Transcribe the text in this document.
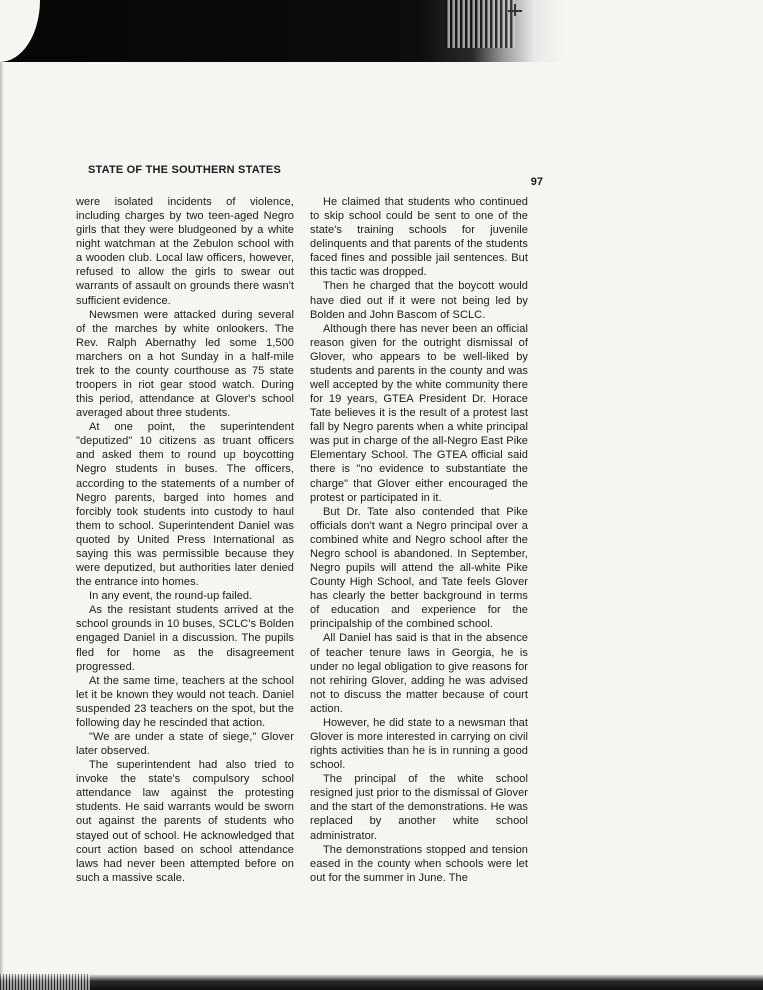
STATE OF THE SOUTHERN STATES
97

were isolated incidents of violence, including charges by two teen-aged Negro girls that they were bludgeoned by a white night watchman at the Zebulon school with a wooden club. Local law officers, however, refused to allow the girls to swear out warrants of assault on grounds there wasn't sufficient evidence.

Newsmen were attacked during several of the marches by white onlookers. The Rev. Ralph Abernathy led some 1,500 marchers on a hot Sunday in a half-mile trek to the county courthouse as 75 state troopers in riot gear stood watch. During this period, attendance at Glover's school averaged about three students.

At one point, the superintendent "deputized" 10 citizens as truant officers and asked them to round up boycotting Negro students in buses. The officers, according to the statements of a number of Negro parents, barged into homes and forcibly took students into custody to haul them to school. Superintendent Daniel was quoted by United Press International as saying this was permissible because they were deputized, but authorities later denied the entrance into homes.

In any event, the round-up failed.

As the resistant students arrived at the school grounds in 10 buses, SCLC's Bolden engaged Daniel in a discussion. The pupils fled for home as the disagreement progressed.

At the same time, teachers at the school let it be known they would not teach. Daniel suspended 23 teachers on the spot, but the following day he rescinded that action.

"We are under a state of siege," Glover later observed.

The superintendent had also tried to invoke the state's compulsory school attendance law against the protesting students. He said warrants would be sworn out against the parents of students who stayed out of school. He acknowledged that court action based on school attendance laws had never been attempted before on such a massive scale.

He claimed that students who continued to skip school could be sent to one of the state's training schools for juvenile delinquents and that parents of the students faced fines and possible jail sentences. But this tactic was dropped.

Then he charged that the boycott would have died out if it were not being led by Bolden and John Bascom of SCLC.

Although there has never been an official reason given for the outright dismissal of Glover, who appears to be well-liked by students and parents in the county and was well accepted by the white community there for 19 years, GTEA President Dr. Horace Tate believes it is the result of a protest last fall by Negro parents when a white principal was put in charge of the all-Negro East Pike Elementary School. The GTEA official said there is "no evidence to substantiate the charge" that Glover either encouraged the protest or participated in it.

But Dr. Tate also contended that Pike officials don't want a Negro principal over a combined white and Negro school after the Negro school is abandoned. In September, Negro pupils will attend the all-white Pike County High School, and Tate feels Glover has clearly the better background in terms of education and experience for the principalship of the combined school.

All Daniel has said is that in the absence of teacher tenure laws in Georgia, he is under no legal obligation to give reasons for not rehiring Glover, adding he was advised not to discuss the matter because of court action.

However, he did state to a newsman that Glover is more interested in carrying on civil rights activities than he is in running a good school.

The principal of the white school resigned just prior to the dismissal of Glover and the start of the demonstrations. He was replaced by another white school administrator.

The demonstrations stopped and tension eased in the county when schools were let out for the summer in June. The
